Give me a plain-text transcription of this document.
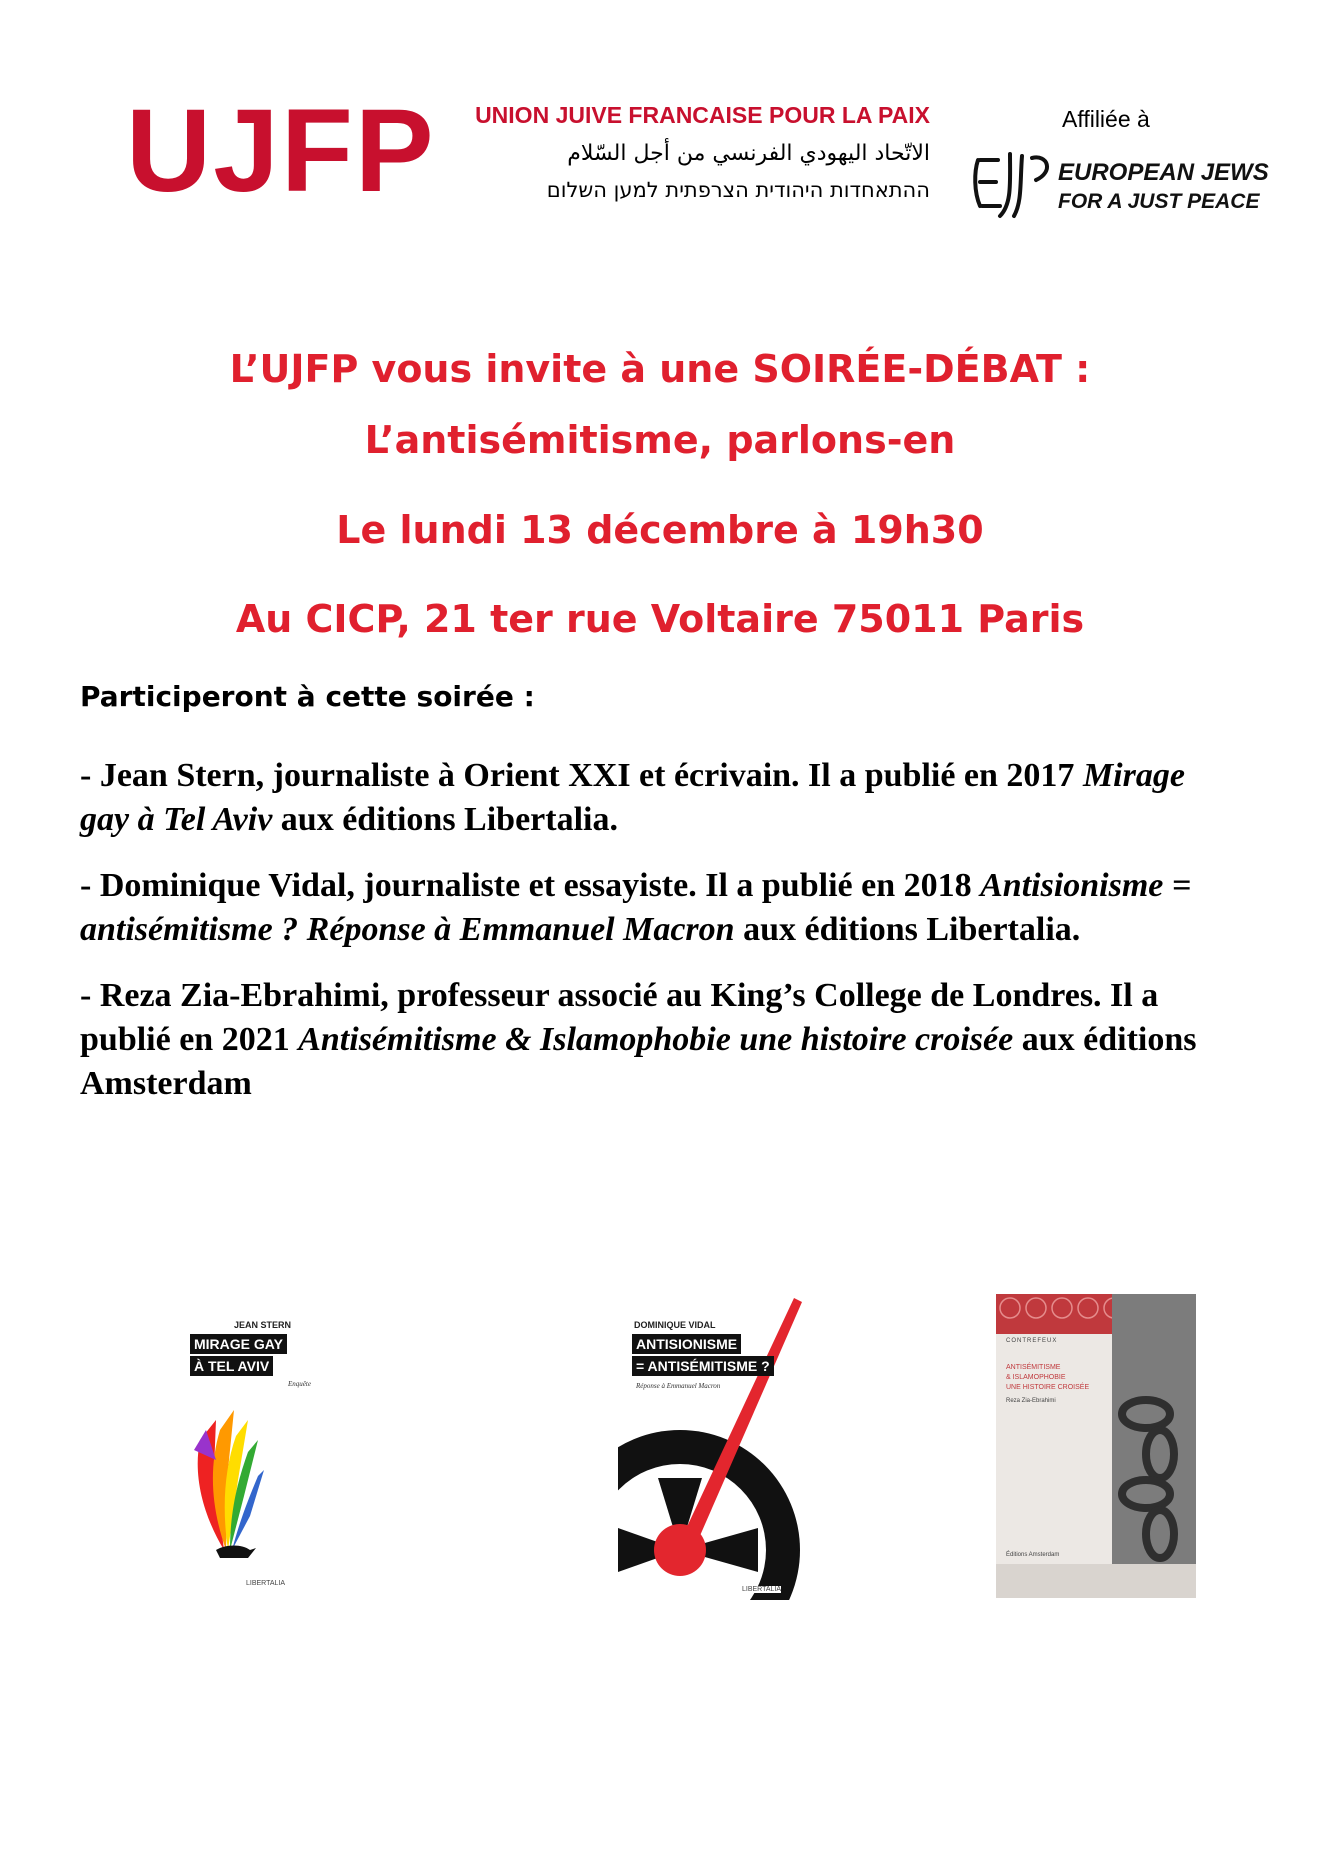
UJFP UNION JUIVE FRANCAISE POUR LA PAIX
الاتّحاد اليهودي الفرنسي من أجل السّلام
ההתאחדות היהודית הצרפתית למען השלום
Affiliée à
EUROPEAN JEWS
FOR A JUST PEACE
L’UJFP vous invite à une SOIRÉE-DÉBAT :
L’antisémitisme, parlons-en
Le lundi 13 décembre à 19h30
Au CICP, 21 ter rue Voltaire 75011 Paris
Participeront à cette soirée :

- Jean Stern, journaliste à Orient XXI et écrivain. Il a publié en 2017 Mirage gay à Tel Aviv aux éditions Libertalia.

- Dominique Vidal, journaliste et essayiste. Il a publié en 2018 Antisionisme = antisémitisme ? Réponse à Emmanuel Macron aux éditions Libertalia.

- Reza Zia-Ebrahimi, professeur associé au King’s College de Londres. Il a publié en 2021 Antisémitisme & Islamophobie une histoire croisée aux éditions Amsterdam

JEAN STERN
MIRAGE GAY
À TEL AVIV
Enquête
LIBERTALIA
DOMINIQUE VIDAL
ANTISIONISME
= ANTISÉMITISME ?
Réponse à Emmanuel Macron
LIBERTALIA
CONTREFEUX
ANTISÉMITISME
& ISLAMOPHOBIE
UNE HISTOIRE CROISÉE
Reza Zia-Ebrahimi
Éditions Amsterdam
